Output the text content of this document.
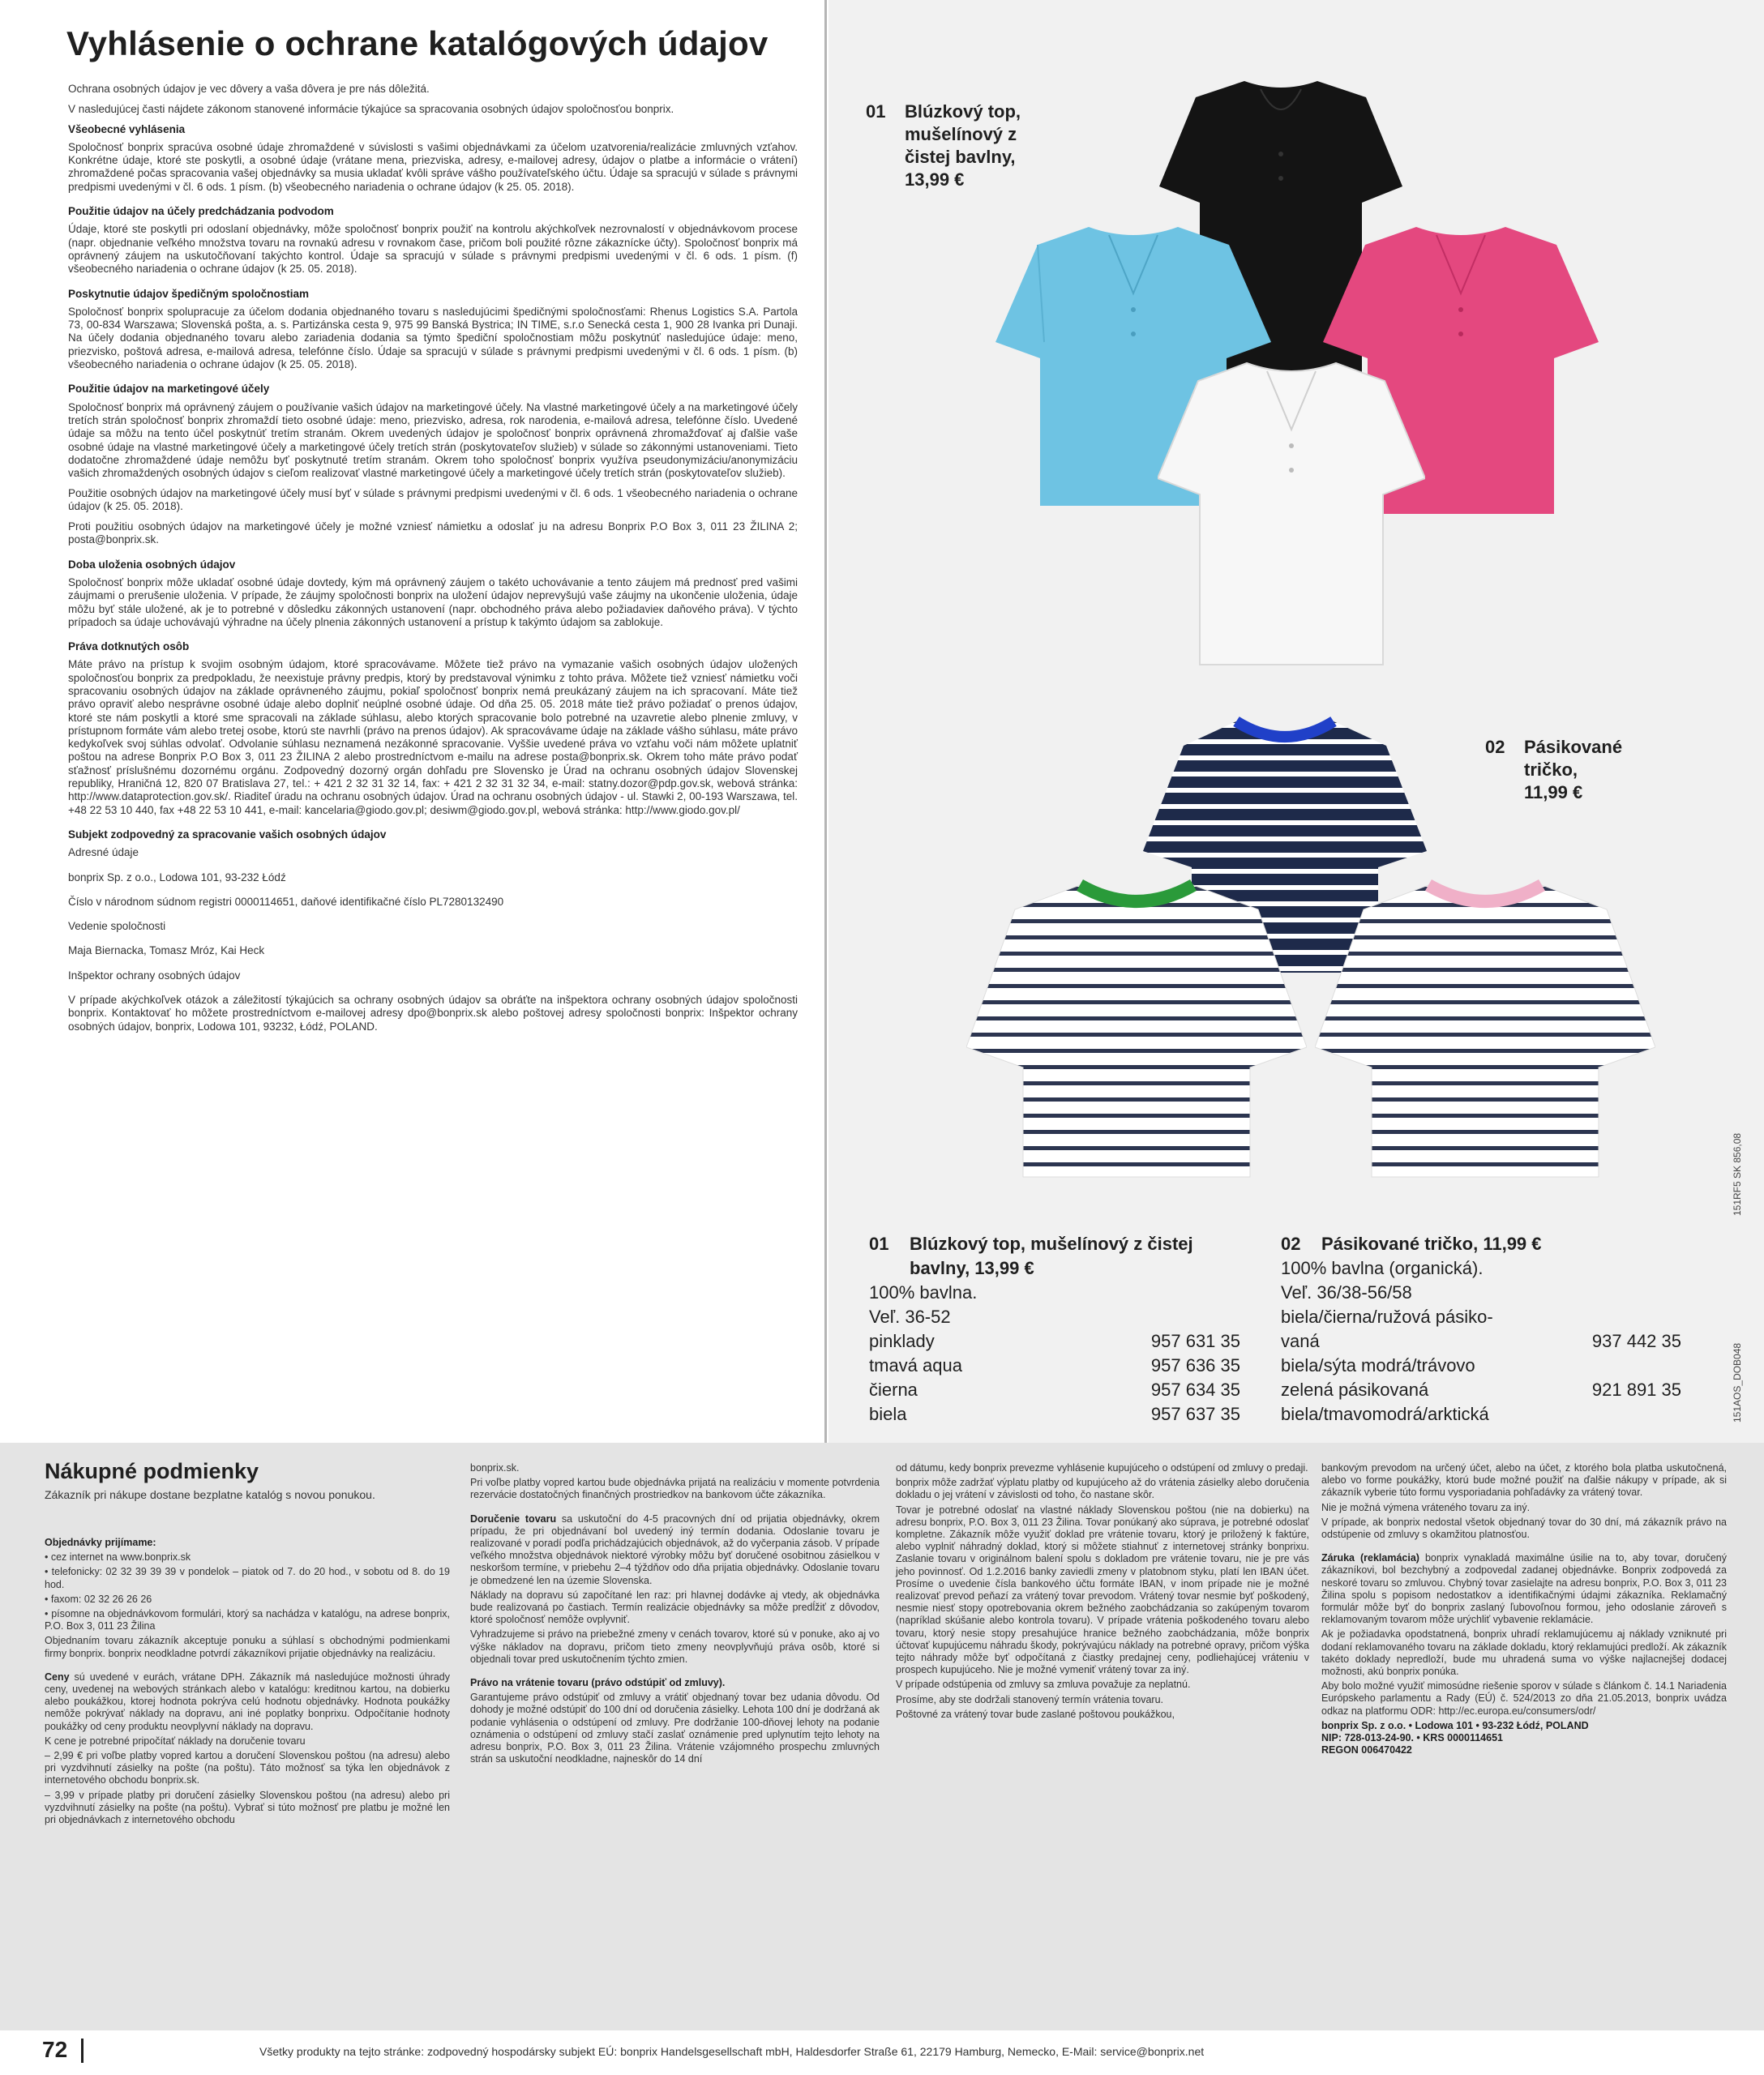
Vyhlásenie o ochrane katalógových údajov

Ochrana osobných údajov je vec dôvery a vaša dôvera je pre nás dôležitá.

V nasledujúcej časti nájdete zákonom stanovené informácie týkajúce sa spracovania osobných údajov spoločnosťou bonprix.

Všeobecné vyhlásenia

Spoločnosť bonprix spracúva osobné údaje zhromaždené v súvislosti s vašimi objednávkami za účelom uzatvorenia/realizácie zmluvných vzťahov. Konkrétne údaje, ktoré ste poskytli, a osobné údaje (vrátane mena, priezviska, adresy, e-mailovej adresy, údajov o platbe a informácie o vrátení) zhromaždené počas spracovania vašej objednávky sa musia ukladať kvôli správe vášho používateľského účtu. Údaje sa spracujú v súlade s právnymi predpismi uvedenými v čl. 6 ods. 1 písm. (b) všeobecného nariadenia o ochrane údajov (k 25. 05. 2018).

Použitie údajov na účely predchádzania podvodom

Údaje, ktoré ste poskytli pri odoslaní objednávky, môže spoločnosť bonprix použiť na kontrolu akýchkoľvek nezrovnalostí v objednávkovom procese (napr. objednanie veľkého množstva tovaru na rovnakú adresu v rovnakom čase, pričom boli použité rôzne zákaznícke účty). Spoločnosť bonprix má oprávnený záujem na uskutočňovaní takýchto kontrol. Údaje sa spracujú v súlade s právnymi predpismi uvedenými v čl. 6 ods. 1 písm. (f) všeobecného nariadenia o ochrane údajov (k 25. 05. 2018).

Poskytnutie údajov špedičným spoločnostiam

Spoločnosť bonprix spolupracuje za účelom dodania objednaného tovaru s nasledujúcimi špedičnými spoločnosťami: Rhenus Logistics S.A. Partola 73, 00-834 Warszawa; Slovenská pošta, a. s. Partizánska cesta 9, 975 99 Banská Bystrica; IN TIME, s.r.o Senecká cesta 1, 900 28 Ivanka pri Dunaji. Na účely dodania objednaného tovaru alebo zariadenia dodania sa týmto špediční spoločnostiam môžu poskytnúť nasledujúce údaje: meno, priezvisko, poštová adresa, e-mailová adresa, telefónne číslo. Údaje sa spracujú v súlade s právnymi predpismi uvedenými v čl. 6 ods. 1 písm. (b) všeobecného nariadenia o ochrane údajov (k 25. 05. 2018).

Použitie údajov na marketingové účely

Spoločnosť bonprix má oprávnený záujem o používanie vašich údajov na marketingové účely. Na vlastné marketingové účely a na marketingové účely tretích strán spoločnosť bonprix zhromaždí tieto osobné údaje: meno, priezvisko, adresa, rok narodenia, e-mailová adresa, telefónne číslo. Uvedené údaje sa môžu na tento účel poskytnúť tretím stranám. Okrem uvedených údajov je spoločnosť bonprix oprávnená zhromažďovať aj ďalšie vaše osobné údaje na vlastné marketingové účely a marketingové účely tretích strán (poskytovateľov služieb) v súlade so zákonnými ustanoveniami. Tieto dodatočne zhromaždené údaje nemôžu byť poskytnuté tretím stranám. Okrem toho spoločnosť bonprix využíva pseudonymizáciu/anonymizáciu vašich zhromaždených osobných údajov s cieľom realizovať vlastné marketingové účely a marketingové účely tretích strán (poskytovateľov služieb).

Použitie osobných údajov na marketingové účely musí byť v súlade s právnymi predpismi uvedenými v čl. 6 ods. 1 všeobecného nariadenia o ochrane údajov (k 25. 05. 2018).

Proti použitiu osobných údajov na marketingové účely je možné vzniesť námietku a odoslať ju na adresu Bonprix P.O Box 3, 011 23 ŽILINA 2; posta@bonprix.sk.

Doba uloženia osobných údajov

Spoločnosť bonprix môže ukladať osobné údaje dovtedy, kým má oprávnený záujem o takéto uchovávanie a tento záujem má prednosť pred vašimi záujmami o prerušenie uloženia. V prípade, že záujmy spoločnosti bonprix na uložení údajov neprevyšujú vaše záujmy na ukončenie uloženia, údaje môžu byť stále uložené, ak je to potrebné v dôsledku zákonných ustanovení (napr. obchodného práva alebo požiadavieк daňového práva). V týchto prípadoch sa údaje uchovávajú výhradne na účely plnenia zákonných ustanovení a prístup k takýmto údajom sa zablokuje.

Práva dotknutých osôb

Máte právo na prístup k svojim osobným údajom, ktoré spracovávame. Môžete tiež právo na vymazanie vašich osobných údajov uložených spoločnosťou bonprix za predpokladu, že neexistuje právny predpis, ktorý by predstavoval výnimku z tohto práva. Môžete tiež vzniesť námietku voči spracovaniu osobných údajov na základe oprávneného záujmu, pokiaľ spoločnosť bonprix nemá preukázaný záujem na ich spracovaní. Máte tiež právo opraviť alebo nesprávne osobné údaje alebo doplniť neúplné osobné údaje. Od dňa 25. 05. 2018 máte tiež právo požiadať o prenos údajov, ktoré ste nám poskytli a ktoré sme spracovali na základe súhlasu, alebo ktorých spracovanie bolo potrebné na uzavretie alebo plnenie zmluvy, v prístupnom formáte vám alebo tretej osobe, ktorú ste navrhli (právo na prenos údajov). Ak spracovávame údaje na základe vášho súhlasu, máte právo kedykoľvek svoj súhlas odvolať. Odvolanie súhlasu neznamená nezákonné spracovanie. Vyššie uvedené práva vo vzťahu voči nám môžete uplatniť poštou na adrese Bonprix P.O Box 3, 011 23 ŽILINA 2 alebo prostredníctvom e-mailu na adrese posta@bonprix.sk. Okrem toho máte právo podať sťažnosť príslušnému dozornému orgánu. Zodpovedný dozorný orgán dohľadu pre Slovensko je Úrad na ochranu osobných údajov Slovenskej republiky, Hraničná 12, 820 07 Bratislava 27, tel.: + 421 2 32 31 32 14, fax: + 421 2 32 31 32 34, e-mail: statny.dozor@pdp.gov.sk, webová stránka: http://www.dataprotection.gov.sk/. Riaditeľ úradu na ochranu osobných údajov. Úrad na ochranu osobných údajov - ul. Stawki 2, 00-193 Warszawa, tel. +48 22 53 10 440, fax +48 22 53 10 441, e-mail: kancelaria@giodo.gov.pl; desiwm@giodo.gov.pl, webová stránka: http://www.giodo.gov.pl/

Subjekt zodpovedný za spracovanie vašich osobných údajov

Adresné údaje

bonprix Sp. z o.o., Lodowa 101, 93-232 Łódź

Číslo v národnom súdnom registri 0000114651, daňové identifikačné číslo PL7280132490

Vedenie spoločnosti

Maja Biernacka, Tomasz Mróz, Kai Heck

Inšpektor ochrany osobných údajov

V prípade akýchkoľvek otázok a záležitostí týkajúcich sa ochrany osobných údajov sa obráťte na inšpektora ochrany osobných údajov spoločnosti bonprix. Kontaktovať ho môžete prostredníctvom e-mailovej adresy dpo@bonprix.sk alebo poštovej adresy spoločnosti bonprix: Inšpektor ochrany osobných údajov, bonprix, Lodowa 101, 93232, Łódź, POLAND.

01 Blúzkový top,
mušelínový z
čistej bavlny,
13,99 €
02 Pásikované
tričko,
11,99 €
01 Blúzkový top, mušelínový z čistej
bavlny, 13,99 €
100% bavlna.
Veľ. 36-52
pinklady	957 631 35
tmavá aqua	957 636 35
čierna	957 634 35
biela	957 637 35
02 Pásikované tričko, 11,99 €
100% bavlna (organická).
Veľ. 36/38-56/58
biela/čierna/ružová pásiko-
vaná	937 442 35
biela/sýta modrá/trávovo
zelená pásikovaná	921 891 35
biela/tmavomodrá/arktická
151RF5 SK 856,08
151AOS_DOB048
Nákupné podmienky

Zákazník pri nákupe dostane bezplatne katalóg s novou ponukou.

Objednávky prijímame:

• cez internet na www.bonprix.sk

• telefonicky: 02 32 39 39 39 v pondelok – piatok od 7. do 20 hod., v sobotu od 8. do 19 hod.

• faxom: 02 32 26 26 26

• písomne na objednávkovom formulári, ktorý sa nachádza v katalógu, na adrese bonprix, P.O. Box 3, 011 23 Žilina

Objednaním tovaru zákazník akceptuje ponuku a súhlasí s obchodnými podmienkami firmy bonprix. bonprix neodkladne potvrdí zákazníkovi prijatie objednávky na realizáciu.

Ceny sú uvedené v eurách, vrátane DPH. Zákazník má nasledujúce možnosti úhrady ceny, uvedenej na webových stránkach alebo v katalógu: kreditnou kartou, na dobierku alebo poukážkou, ktorej hodnota pokrýva celú hodnotu objednávky. Hodnota poukážky nemôže pokrývať náklady na dopravu, ani iné poplatky bonprixu. Odpočítanie hodnoty poukážky od ceny produktu neovplyvní náklady na dopravu.

K cene je potrebné pripočítať náklady na doručenie tovaru

– 2,99 € pri voľbe platby vopred kartou a doručení Slovenskou poštou (na adresu) alebo pri vyzdvihnutí zásielky na pošte (na poštu). Táto možnosť sa týka len objednávok z internetového obchodu bonprix.sk.

– 3,99 v prípade platby pri doručení zásielky Slovenskou poštou (na adresu) alebo pri vyzdvihnutí zásielky na pošte (na poštu). Vybrať si túto možnosť pre platbu je možné len pri objednávkach z internetového obchodu

bonprix.sk.

Pri voľbe platby vopred kartou bude objednávka prijatá na realizáciu v momente potvrdenia rezervácie dostatočných finančných prostriedkov na bankovom účte zákazníka.

Doručenie tovaru sa uskutoční do 4-5 pracovných dní od prijatia objednávky, okrem prípadu, že pri objednávaní bol uvedený iný termín dodania. Odoslanie tovaru je realizované v poradí podľa prichádzajúcich objednávok, až do vyčerpania zásob. V prípade veľkého množstva objednávok niektoré výrobky môžu byť doručené osobitnou zásielkou v neskoršom termíne, v priebehu 2–4 týždňov odo dňa prijatia objednávky. Odoslanie tovaru je obmedzené len na územie Slovenska.

Náklady na dopravu sú započítané len raz: pri hlavnej dodávke aj vtedy, ak objednávka bude realizovaná po častiach. Termín realizácie objednávky sa môže predĺžiť z dôvodov, ktoré spoločnosť nemôže ovplyvniť.

Vyhradzujeme si právo na priebežné zmeny v cenách tovarov, ktoré sú v ponuke, ako aj vo výške nákladov na dopravu, pričom tieto zmeny neovplyvňujú práva osôb, ktoré si objednali tovar pred uskutočnením týchto zmien.

Právo na vrátenie tovaru (právo odstúpiť od zmluvy).

Garantujeme právo odstúpiť od zmluvy a vrátiť objednaný tovar bez udania dôvodu. Od dohody je možné odstúpiť do 100 dní od doručenia zásielky. Lehota 100 dní je dodržaná ak podanie vyhlásenia o odstúpení od zmluvy. Pre dodržanie 100-dňovej lehoty na podanie oznámenia o odstúpení od zmluvy stačí zaslať oznámenie pred uplynutím tejto lehoty na adresu bonprix, P.O. Box 3, 011 23 Žilina. Vrátenie vzájomného prospechu zmluvných strán sa uskutoční neodkladne, najneskôr do 14 dní

od dátumu, kedy bonprix prevezme vyhlásenie kupujúceho o odstúpení od zmluvy o predaji.

bonprix môže zadržať výplatu platby od kupujúceho až do vrátenia zásielky alebo doručenia dokladu o jej vrátení v závislosti od toho, čo nastane skôr.

Tovar je potrebné odoslať na vlastné náklady Slovenskou poštou (nie na dobierku) na adresu bonprix, P.O. Box 3, 011 23 Žilina. Tovar ponúkaný ako súprava, je potrebné odoslať kompletne. Zákazník môže využiť doklad pre vrátenie tovaru, ktorý je priložený k faktúre, alebo vyplniť náhradný doklad, ktorý si môžete stiahnuť z internetovej stránky bonprixu. Zaslanie tovaru v originálnom balení spolu s dokladom pre vrátenie tovaru, nie je pre vás jeho povinnosť. Od 1.2.2016 banky zaviedli zmeny v platobnom styku, platí len IBAN účet. Prosíme o uvedenie čísla bankového účtu formáte IBAN, v inom prípade nie je možné realizovať prevod peňazí za vrátený tovar prevodom. Vrátený tovar nesmie byť poškodený, nesmie niesť stopy opotrebovania okrem bežného zaobchádzania so zakúpeným tovarom (napríklad skúšanie alebo kontrola tovaru). V prípade vrátenia poškodeného tovaru alebo tovaru, ktorý nesie stopy presahujúce hranice bežného zaobchádzania, môže bonprix účtovať kupujúcemu náhradu škody, pokrývajúcu náklady na potrebné opravy, pričom výška tejto náhrady môže byť odpočítaná z čiastky predajnej ceny, podliehajúcej vráteniu v prospech kupujúceho. Nie je možné vymeniť vrátený tovar za iný.

V prípade odstúpenia od zmluvy sa zmluva považuje za neplatnú.

Prosíme, aby ste dodržali stanovený termín vrátenia tovaru.

Poštovné za vrátený tovar bude zaslané poštovou poukážkou,

bankovým prevodom na určený účet, alebo na účet, z ktorého bola platba uskutočnená, alebo vo forme poukážky, ktorú bude možné použiť na ďalšie nákupy v prípade, ak si zákazník vyberie túto formu vysporiadania pohľadávky za vrátený tovar.

Nie je možná výmena vráteného tovaru za iný.

V prípade, ak bonprix nedostal všetok objednaný tovar do 30 dní, má zákazník právo na odstúpenie od zmluvy s okamžitou platnosťou.

Záruka (reklamácia) bonprix vynakladá maximálne úsilie na to, aby tovar, doručený zákazníkovi, bol bezchybný a zodpovedal zadanej objednávke. Bonprix zodpovedá za neskoré tovaru so zmluvou. Chybný tovar zasielajte na adresu bonprix, P.O. Box 3, 011 23 Žilina spolu s popisom nedostatkov a identifikačnými údajmi zákazníka. Reklamačný formulár môže byť do bonprix zaslaný ľubovoľnou formou, jeho odoslanie zároveň s reklamovaným tovarom môže urýchliť vybavenie reklamácie.

Ak je požiadavka opodstatnená, bonprix uhradí reklamujúcemu aj náklady vzniknuté pri dodaní reklamovaného tovaru na základe dokladu, ktorý reklamujúci predloží. Ak zákazník takéto doklady nepredloží, bude mu uhradená suma vo výške najlacnejšej dodacej možnosti, akú bonprix ponúka.

Aby bolo možné využiť mimosúdne riešenie sporov v súlade s článkom č. 14.1 Nariadenia Európskeho parlamentu a Rady (EÚ) č. 524/2013 zo dňa 21.05.2013, bonprix uvádza odkaz na platformu ODR: http://ec.europa.eu/consumers/odr/

bonprix Sp. z o.o. • Lodowa 101 • 93-232 Łódź, POLAND

NIP: 728-013-24-90. • KRS 0000114651

REGON 006470422

72	Všetky produkty na tejto stránke: zodpovedný hospodársky subjekt EÚ: bonprix Handelsgesellschaft mbH, Haldesdorfer Straße 61, 22179 Hamburg, Nemecko, E-Mail: service@bonprix.net
